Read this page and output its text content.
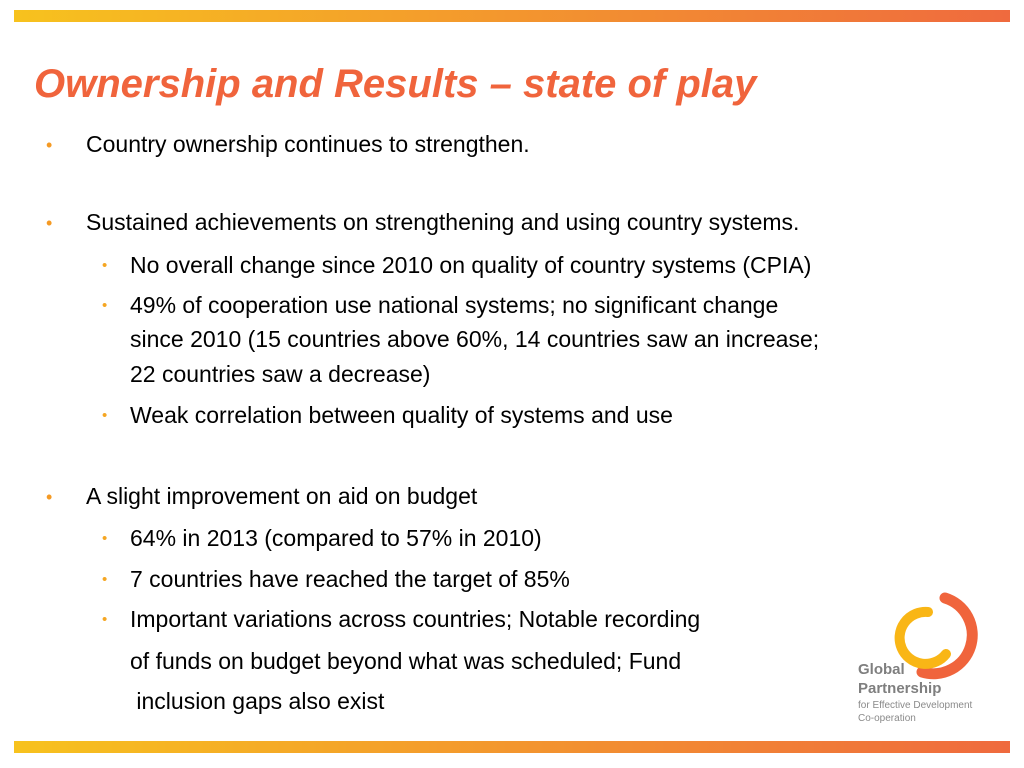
Ownership and Results – state of play
• Country ownership continues to strengthen.
• Sustained achievements on strengthening and using country systems.
• No overall change since 2010 on quality of country systems (CPIA)
• 49% of cooperation use national systems; no significant change
since 2010 (15 countries above 60%, 14 countries saw an increase;
22 countries saw a decrease)
• Weak correlation between quality of systems and use
• A slight improvement on aid on budget
• 64% in 2013 (compared to 57% in 2010)
• 7 countries have reached the target of 85%
• Important variations across countries; Notable recording
of funds on budget beyond what was scheduled; Fund
inclusion gaps also exist
Global
Partnership
for Effective Development
Co-operation
